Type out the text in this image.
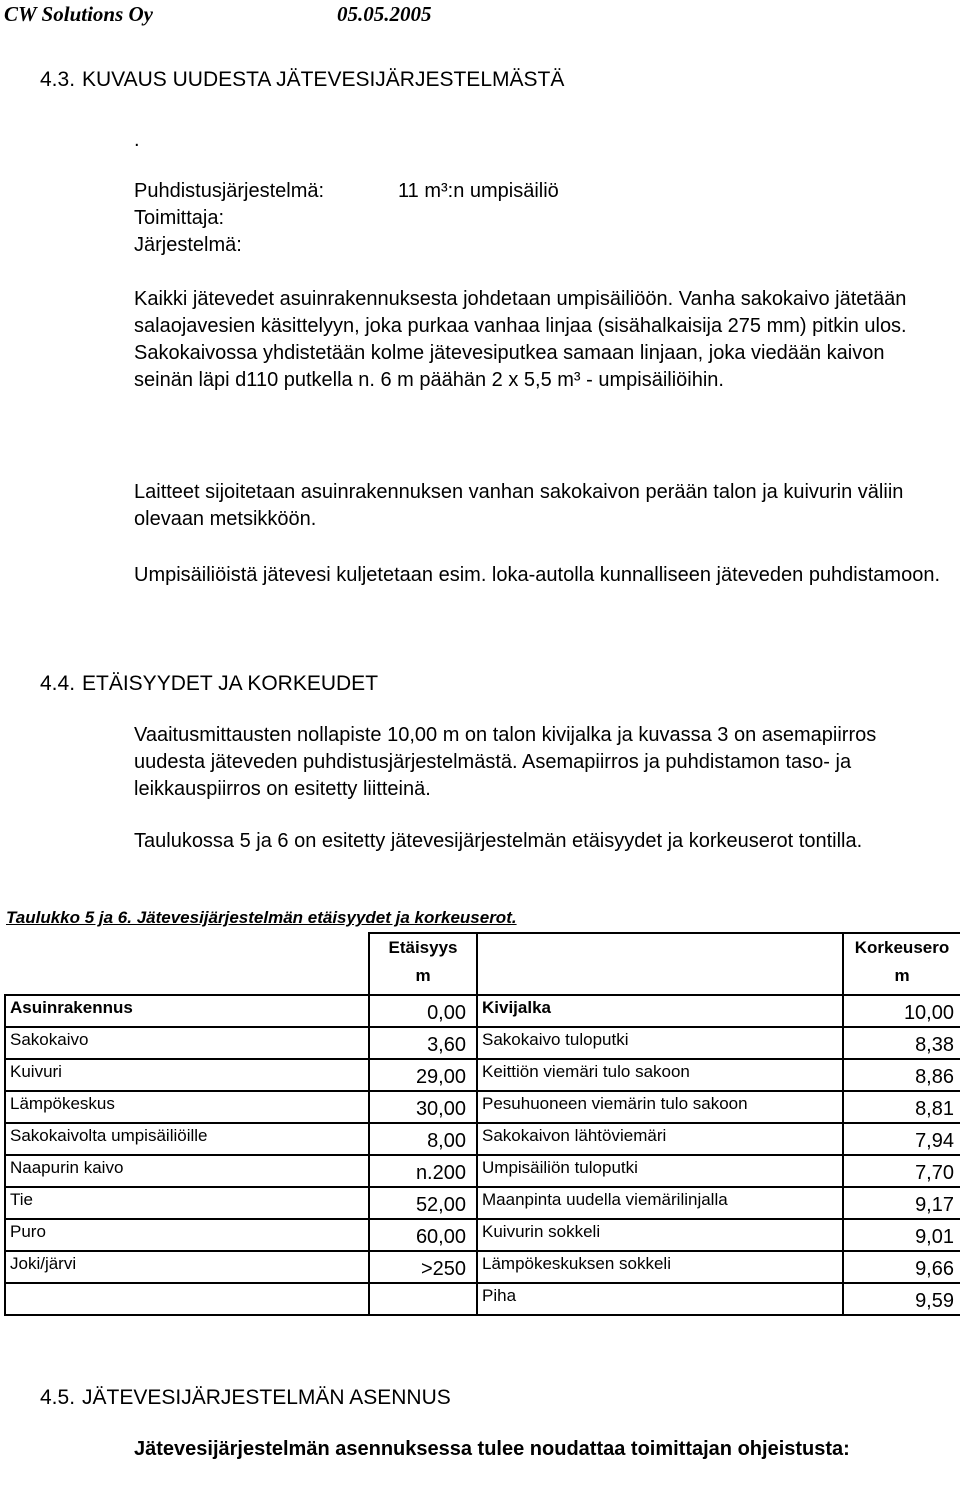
CW Solutions Oy	05.05.2005
4.3. KUVAUS UUDESTA JÄTEVESIJÄRJESTELMÄSTÄ
.
Puhdistusjärjestelmä:	11 m³:n umpisäiliö
Toimittaja:
Järjestelmä:
Kaikki jätevedet asuinrakennuksesta johdetaan umpisäiliöön. Vanha sakokaivo jätetään salaojavesien käsittelyyn, joka purkaa vanhaa linjaa (sisähalkaisija 275 mm) pitkin ulos. Sakokaivossa yhdistetään kolme jätevesiputkea samaan linjaan, joka viedään kaivon seinän läpi d110 putkella n. 6 m päähän 2 x 5,5 m³ - umpisäiliöihin.
Laitteet sijoitetaan asuinrakennuksen vanhan sakokaivon perään talon ja kuivurin väliin olevaan metsikköön.
Umpisäiliöistä jätevesi kuljetetaan esim. loka-autolla kunnalliseen jäteveden puhdistamoon.
4.4. ETÄISYYDET JA KORKEUDET
Vaaitusmittausten nollapiste 10,00 m on talon kivijalka ja kuvassa 3 on asemapiirros uudesta jäteveden puhdistusjärjestelmästä. Asemapiirros ja puhdistamon taso- ja leikkauspiirros on esitetty liitteinä.
Taulukossa 5 ja 6 on esitetty jätevesijärjestelmän etäisyydet ja korkeuserot tontilla.
Taulukko 5 ja 6. Jätevesijärjestelmän etäisyydet ja korkeuserot.

	Etäisyys
m		Korkeusero
m

Asuinrakennus	0,00	Kivijalka	10,00
Sakokaivo	3,60	Sakokaivo tuloputki	8,38
Kuivuri	29,00	Keittiön viemäri tulo sakoon	8,86
Lämpökeskus	30,00	Pesuhuoneen viemärin tulo sakoon	8,81
Sakokaivolta umpisäiliöille	8,00	Sakokaivon lähtöviemäri	7,94
Naapurin kaivo	n.200	Umpisäiliön tuloputki	7,70
Tie	52,00	Maanpinta uudella viemärilinjalla	9,17
Puro	60,00	Kuivurin sokkeli	9,01
Joki/järvi	>250	Lämpökeskuksen sokkeli	9,66
		Piha	9,59
4.5. JÄTEVESIJÄRJESTELMÄN ASENNUS
Jätevesijärjestelmän asennuksessa tulee noudattaa toimittajan ohjeistusta:
